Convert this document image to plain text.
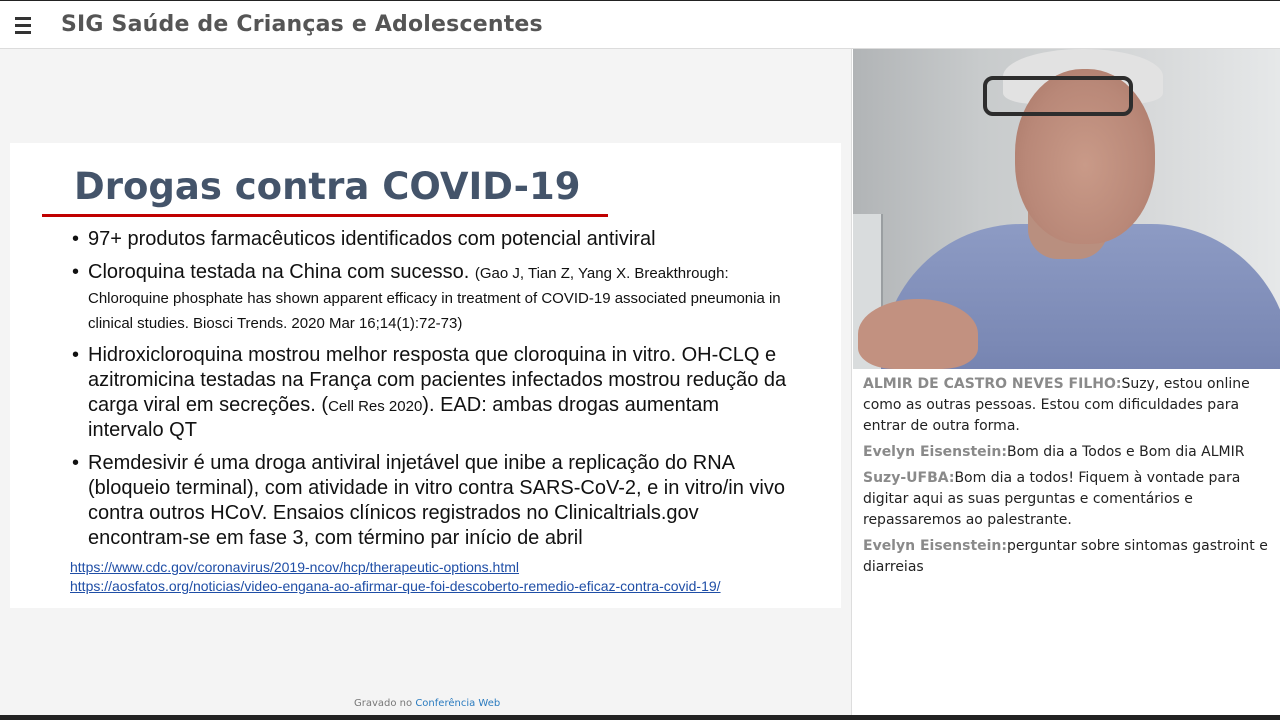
SIG Saúde de Crianças e Adolescentes
Drogas contra COVID-19
• 97+ produtos farmacêuticos identificados com potencial antiviral
• Cloroquina testada na China com sucesso. (Gao J, Tian Z, Yang X. Breakthrough: Chloroquine phosphate has shown apparent efficacy in treatment of COVID-19 associated pneumonia in clinical studies. Biosci Trends. 2020 Mar 16;14(1):72-73)
• Hidroxicloroquina mostrou melhor resposta que cloroquina in vitro. OH-CLQ e azitromicina testadas na França com pacientes infectados mostrou redução da carga viral em secreções. (Cell Res 2020). EAD: ambas drogas aumentam intervalo QT
• Remdesivir é uma droga antiviral injetável que inibe a replicação do RNA (bloqueio terminal), com atividade in vitro contra SARS-CoV-2, e in vitro/in vivo contra outros HCoV. Ensaios clínicos registrados no Clinicaltrials.gov encontram-se em fase 3, com término par início de abril
https://www.cdc.gov/coronavirus/2019-ncov/hcp/therapeutic-options.html
https://aosfatos.org/noticias/video-engana-ao-afirmar-que-foi-descoberto-remedio-eficaz-contra-covid-19/
Gravado no Conferência Web
ALMIR DE CASTRO NEVES FILHO:Suzy, estou online como as outras pessoas. Estou com dificuldades para entrar de outra forma.
Evelyn Eisenstein:Bom dia a Todos e Bom dia ALMIR
Suzy-UFBA:Bom dia a todos! Fiquem à vontade para digitar aqui as suas perguntas e comentários e repassaremos ao palestrante.
Evelyn Eisenstein:perguntar sobre sintomas gastroint e diarreias
